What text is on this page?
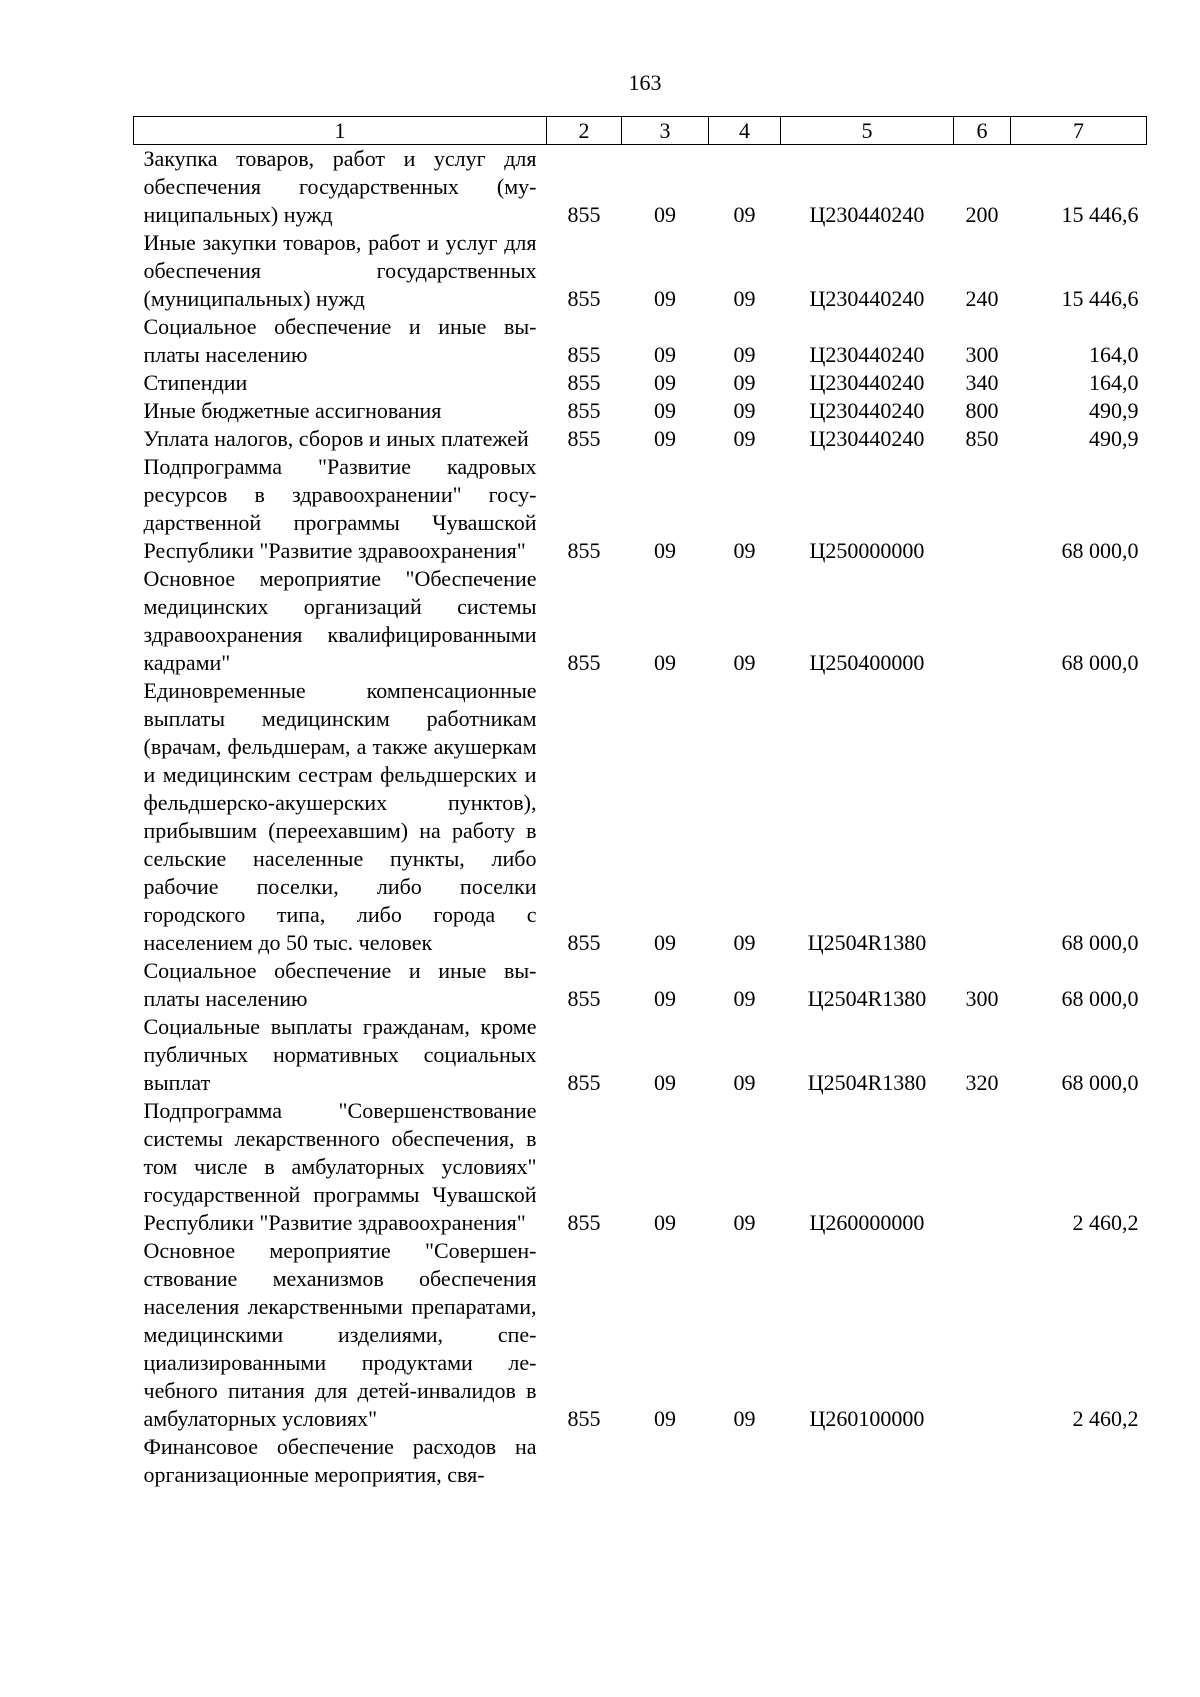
163
1	2	3	4	5	6	7
Закупка товаров, работ и услуг для обеспечения государственных (муниципальных) нужд	855	09	09	Ц230440240	200	15 446,6
Иные закупки товаров, работ и услуг для обеспечения государственных (муниципальных) нужд	855	09	09	Ц230440240	240	15 446,6
Социальное обеспечение и иные выплаты населению	855	09	09	Ц230440240	300	164,0
Стипендии	855	09	09	Ц230440240	340	164,0
Иные бюджетные ассигнования	855	09	09	Ц230440240	800	490,9
Уплата налогов, сборов и иных платежей	855	09	09	Ц230440240	850	490,9
Подпрограмма "Развитие кадровых ресурсов в здравоохранении" государственной программы Чувашской Республики "Развитие здравоохранения"	855	09	09	Ц250000000		68 000,0
Основное мероприятие "Обеспечение медицинских организаций системы здравоохранения квалифицированными кадрами"	855	09	09	Ц250400000		68 000,0
Единовременные компенсационные выплаты медицинским работникам (врачам, фельдшерам, а также акушеркам и медицинским сестрам фельдшерских и фельдшерско-акушерских пунктов), прибывшим (переехавшим) на работу в сельские населенные пункты, либо рабочие поселки, либо поселки городского типа, либо города с населением до 50 тыс. человек	855	09	09	Ц2504R1380		68 000,0
Социальное обеспечение и иные выплаты населению	855	09	09	Ц2504R1380	300	68 000,0
Социальные выплаты гражданам, кроме публичных нормативных социальных выплат	855	09	09	Ц2504R1380	320	68 000,0
Подпрограмма "Совершенствование системы лекарственного обеспечения, в том числе в амбулаторных условиях" государственной программы Чувашской Республики "Развитие здравоохранения"	855	09	09	Ц260000000		2 460,2
Основное мероприятие "Совершенствование механизмов обеспечения населения лекарственными препаратами, медицинскими изделиями, специализированными продуктами лечебного питания для детей-инвалидов в амбулаторных условиях"	855	09	09	Ц260100000		2 460,2
Финансовое обеспечение расходов на организационные мероприятия, свя-						
